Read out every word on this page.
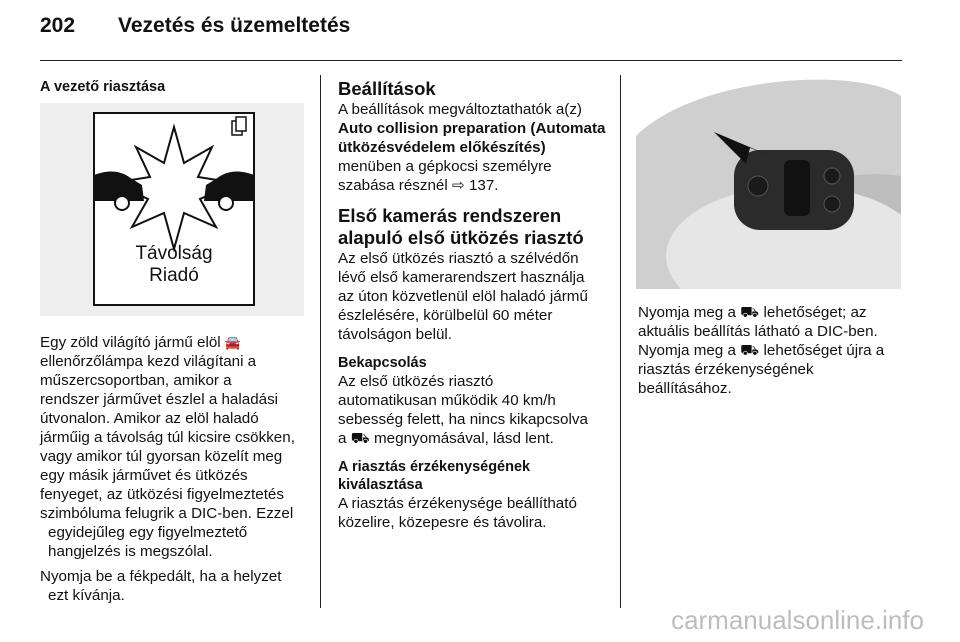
202 Vezetés és üzemeltetés
A vezető riasztása
Távolság
Riadó
Egy zöld világító jármű elöl 🚘
ellenőrzőlámpa kezd világítani a
műszercsoportban, amikor a
rendszer járművet észlel a haladási
útvonalon. Amikor az elöl haladó
járműig a távolság túl kicsire csökken,
vagy amikor túl gyorsan közelít meg
egy másik járművet és ütközés
fenyeget, az ütközési figyelmeztetés
szimbóluma felugrik a DIC-ben. Ezzel
egyidejűleg egy figyelmeztető
hangjelzés is megszólal.
Nyomja be a fékpedált, ha a helyzet
ezt kívánja.
Beállítások
A beállítások megváltoztathatók a(z)
Auto collision preparation (Automata
ütközésvédelem előkészítés)
menüben a gépkocsi személyre
szabása résznél ⇨ 137.
Első kamerás rendszeren
alapuló első ütközés riasztó
Az első ütközés riasztó a szélvédőn
lévő első kamerarendszert használja
az úton közvetlenül elöl haladó jármű
észlelésére, körülbelül 60 méter
távolságon belül.
Bekapcsolás
Az első ütközés riasztó
automatikusan működik 40 km/h
sebesség felett, ha nincs kikapcsolva
a ⛟ megnyomásával, lásd lent.
A riasztás érzékenységének
kiválasztása
A riasztás érzékenysége beállítható
közelire, közepesre és távolira.
Nyomja meg a ⛟ lehetőséget; az
aktuális beállítás látható a DIC-ben.
Nyomja meg a ⛟ lehetőséget újra a
riasztás érzékenységének
beállításához.
carmanualsonline.info
